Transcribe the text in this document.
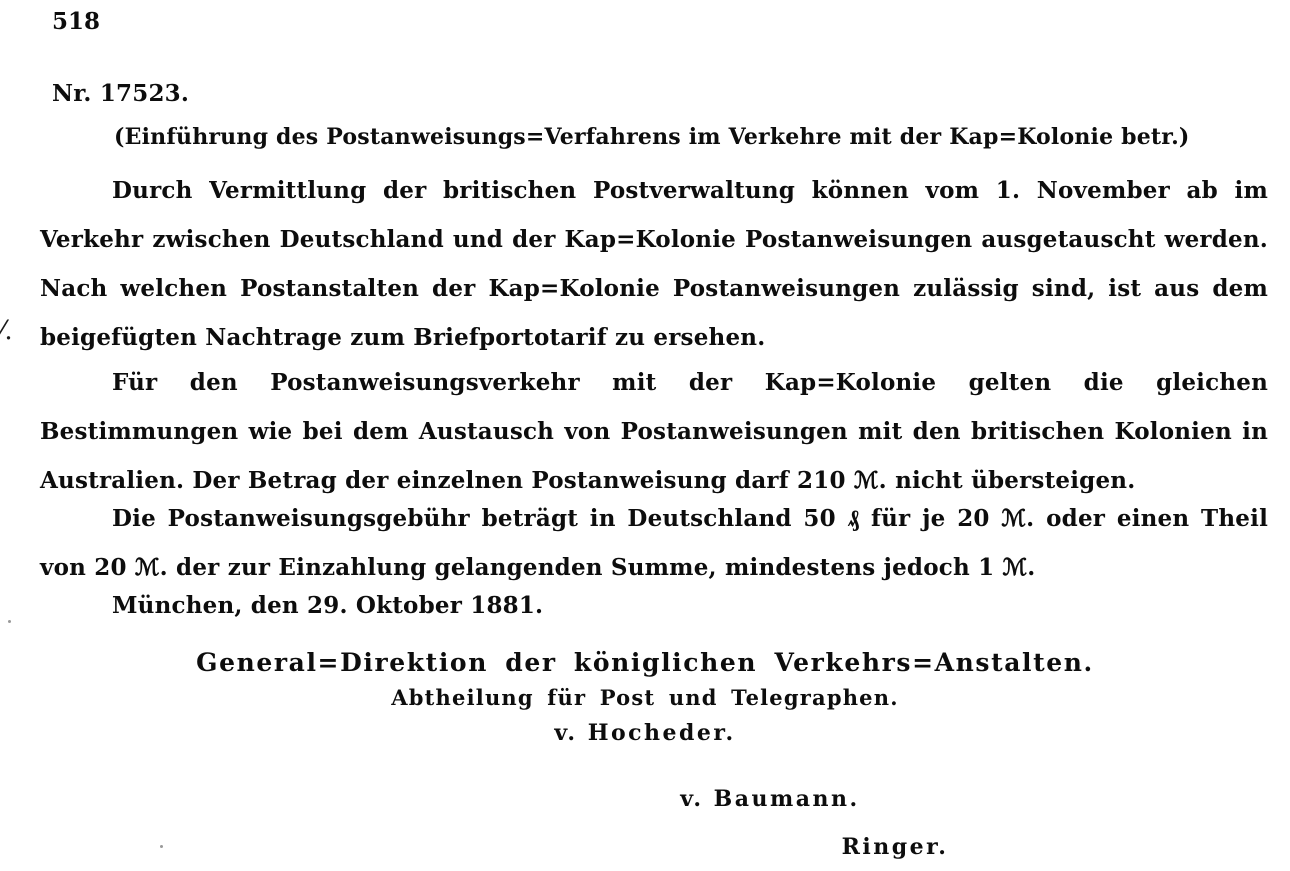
518
Nr. 17523.
(Einführung des Postanweisungs=Verfahrens im Verkehre mit der Kap=Kolonie betr.)
⁄.
Durch Vermittlung der britischen Postverwaltung können vom 1. November ab im Verkehr zwischen Deutschland und der Kap=Kolonie Postanweisungen ausgetauscht werden. Nach welchen Postanstalten der Kap=Kolonie Postanweisungen zulässig sind, ist aus dem beigefügten Nachtrage zum Briefportotarif zu ersehen.
Für den Postanweisungsverkehr mit der Kap=Kolonie gelten die gleichen Bestimmungen wie bei dem Austausch von Postanweisungen mit den britischen Kolonien in Australien. Der Betrag der einzelnen Postanweisung darf 210 ℳ. nicht übersteigen.
Die Postanweisungsgebühr beträgt in Deutschland 50 ₰ für je 20 ℳ. oder einen Theil von 20 ℳ. der zur Einzahlung gelangenden Summe, mindestens jedoch 1 ℳ.
München, den 29. Oktober 1881.
General=Direktion der königlichen Verkehrs=Anstalten.
Abtheilung für Post und Telegraphen.
v. Hocheder.
v. Baumann.
Ringer.
